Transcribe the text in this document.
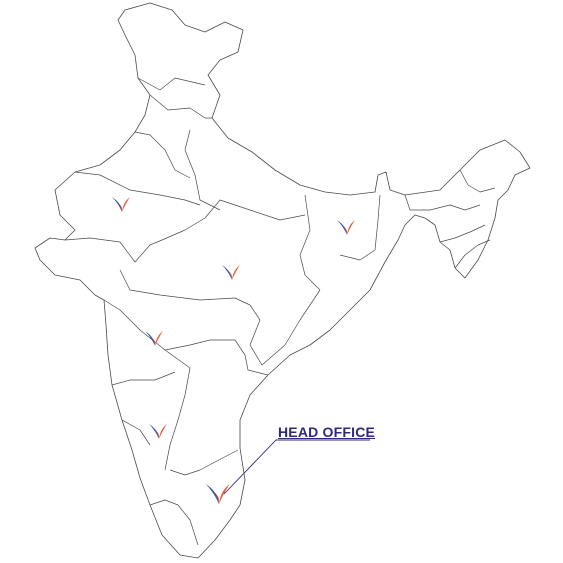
HEAD OFFICE
